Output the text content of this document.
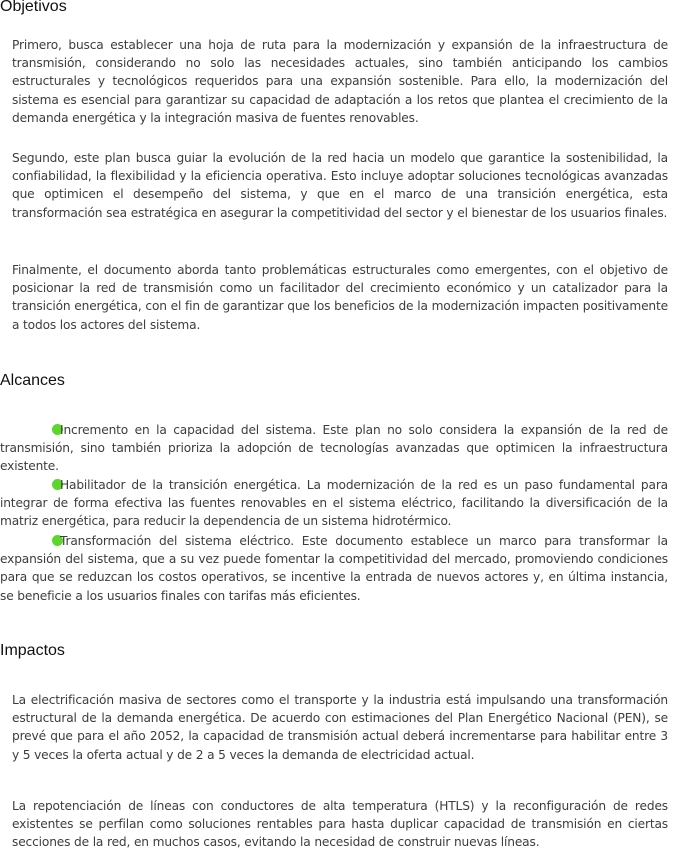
Objetivos

Primero, busca establecer una hoja de ruta para la modernización y expansión de la infraestructura de transmisión, considerando no solo las necesidades actuales, sino también anticipando los cambios estructurales y tecnológicos requeridos para una expansión sostenible. Para ello, la modernización del sistema es esencial para garantizar su capacidad de adaptación a los retos que plantea el crecimiento de la demanda energética y la integración masiva de fuentes renovables.

Segundo, este plan busca guiar la evolución de la red hacia un modelo que garantice la sostenibilidad, la confiabilidad, la flexibilidad y la eficiencia operativa. Esto incluye adoptar soluciones tecnológicas avanzadas que optimicen el desempeño del sistema, y que en el marco de una transición energética, esta transformación sea estratégica en asegurar la competitividad del sector y el bienestar de los usuarios finales.

Finalmente, el documento aborda tanto problemáticas estructurales como emergentes, con el objetivo de posicionar la red de transmisión como un facilitador del crecimiento económico y un catalizador para la transición energética, con el fin de garantizar que los beneficios de la modernización impacten positivamente a todos los actores del sistema.

Alcances

Incremento en la capacidad del sistema. Este plan no solo considera la expansión de la red de transmisión, sino también prioriza la adopción de tecnologías avanzadas que optimicen la infraestructura existente.

Habilitador de la transición energética. La modernización de la red es un paso fundamental para integrar de forma efectiva las fuentes renovables en el sistema eléctrico, facilitando la diversificación de la matriz energética, para reducir la dependencia de un sistema hidrotérmico.

Transformación del sistema eléctrico. Este documento establece un marco para transformar la expansión del sistema, que a su vez puede fomentar la competitividad del mercado, promoviendo condiciones para que se reduzcan los costos operativos, se incentive la entrada de nuevos actores y, en última instancia, se beneficie a los usuarios finales con tarifas más eficientes.

Impactos

La electrificación masiva de sectores como el transporte y la industria está impulsando una transformación estructural de la demanda energética. De acuerdo con estimaciones del Plan Energético Nacional (PEN), se prevé que para el año 2052, la capacidad de transmisión actual deberá incrementarse para habilitar entre 3 y 5 veces la oferta actual y de 2 a 5 veces la demanda de electricidad actual.

La repotenciación de líneas con conductores de alta temperatura (HTLS) y la reconfiguración de redes existentes se perfilan como soluciones rentables para hasta duplicar capacidad de transmisión en ciertas secciones de la red, en muchos casos, evitando la necesidad de construir nuevas líneas.
